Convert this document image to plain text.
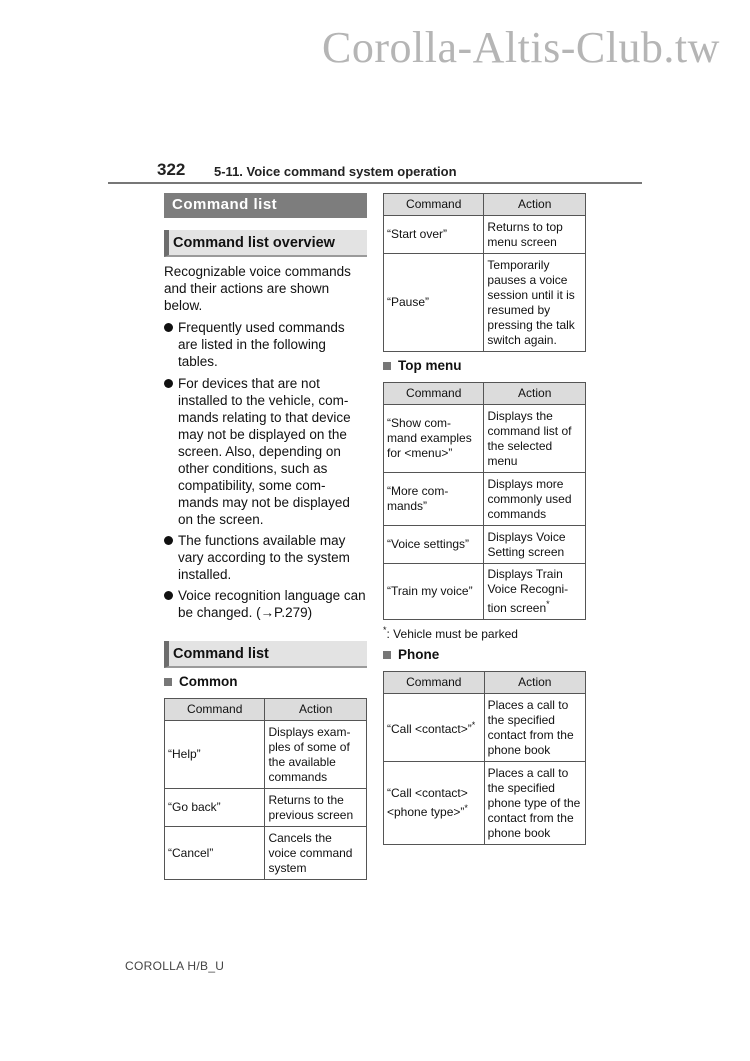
Corolla-Altis-Club.tw
322 5-11. Voice command system operation
Command list
Command list overview

Recognizable voice commands and their actions are shown below.

Frequently used commands are listed in the following tables.
For devices that are not installed to the vehicle, com- mands relating to that device may not be displayed on the screen. Also, depending on other conditions, such as compatibility, some com- mands may not be displayed on the screen.
The functions available may vary according to the system installed.
Voice recognition language can be changed. (→P.279)
Command list
Common
Command	Action
“Help”	Displays exam- ples of some of the available commands
“Go back”	Returns to the previous screen
“Cancel”	Cancels the voice command system
Command	Action
“Start over”	Returns to top menu screen
“Pause”	Temporarily pauses a voice session until it is resumed by pressing the talk switch again.
Top menu
Command	Action
“Show com- mand examples for <menu>”	Displays the command list of the selected menu
“More com- mands”	Displays more commonly used commands
“Voice settings”	Displays Voice Setting screen
“Train my voice”	Displays Train Voice Recogni- tion screen*
*: Vehicle must be parked
Phone
Command	Action
“Call <contact>”*	Places a call to the specified contact from the phone book
“Call <contact> <phone type>”*	Places a call to the specified phone type of the contact from the phone book
COROLLA H/B_U
